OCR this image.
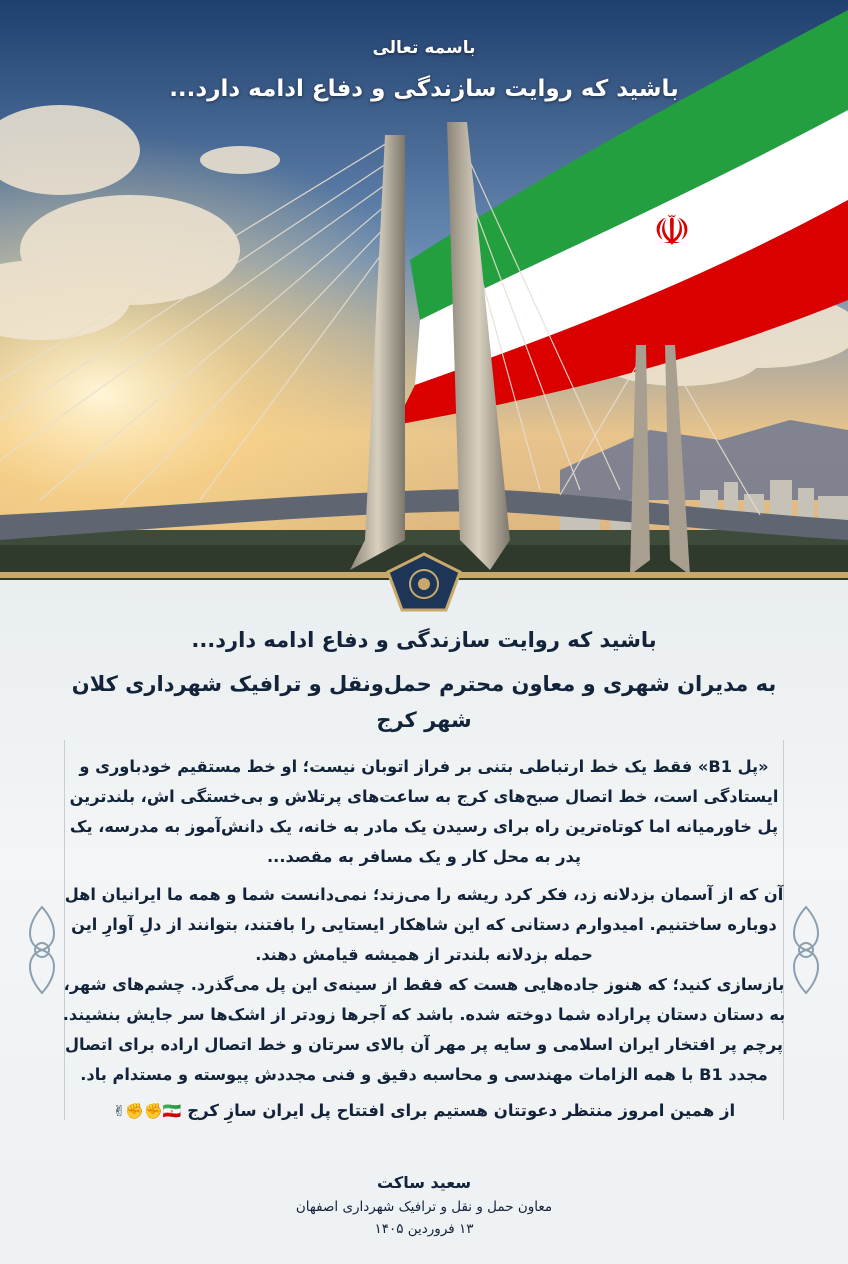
☫
باسمه تعالی
باشید که روایت سازندگی و دفاع ادامه دارد...

باشید که روایت سازندگی و دفاع ادامه دارد...

به مدیران شهری و معاون محترم حمل‌ونقل و ترافیک شهرداری کلان شهر کرج

«پل B1» فقط یک خط ارتباطی بتنی بر فراز اتوبان نیست؛ او خط مستقیم خودباوری و ایستادگی است، خط اتصال صبح‌های کرج به ساعت‌های پرتلاش و بی‌خستگی اش، بلندترین پل خاورمیانه اما کوتاه‌ترین راه برای رسیدن یک مادر به خانه، یک دانش‌آموز به مدرسه، یک پدر به محل کار و یک مسافر به مقصد...

آن که از آسمان بزدلانه زد، فکر کرد ریشه را می‌زند؛ نمی‌دانست شما و همه ما ایرانیان اهل دوباره ساختنیم. امیدوارم دستانی که این شاهکار ایستایی را بافتند، بتوانند از دلِ آوارِ این حمله بزدلانه بلندتر از همیشه قیامش دهند.

بازسازی کنید؛ که هنوز جاده‌هایی هست که فقط از سینه‌ی این پل می‌گذرد. چشم‌های شهر، به دستان دستان پراراده شما دوخته شده. باشد که آجرها زودتر از اشک‌ها سر جایش بنشیند. پرچم پر افتخار ایران اسلامی و سایه پر مهر آن بالای سرتان و خط اتصال اراده برای اتصال مجدد B1 با همه الزامات مهندسی و محاسبه دقیق و فنی مجددش پیوسته و مستدام باد.

از همین امروز منتظر دعوتتان هستیم برای افتتاح پل ایران سازِ کرج 🇮🇷✊✊✌
سعید ساکت
معاون حمل و نقل و ترافیک شهرداری اصفهان
۱۳ فروردین ۱۴۰۵
